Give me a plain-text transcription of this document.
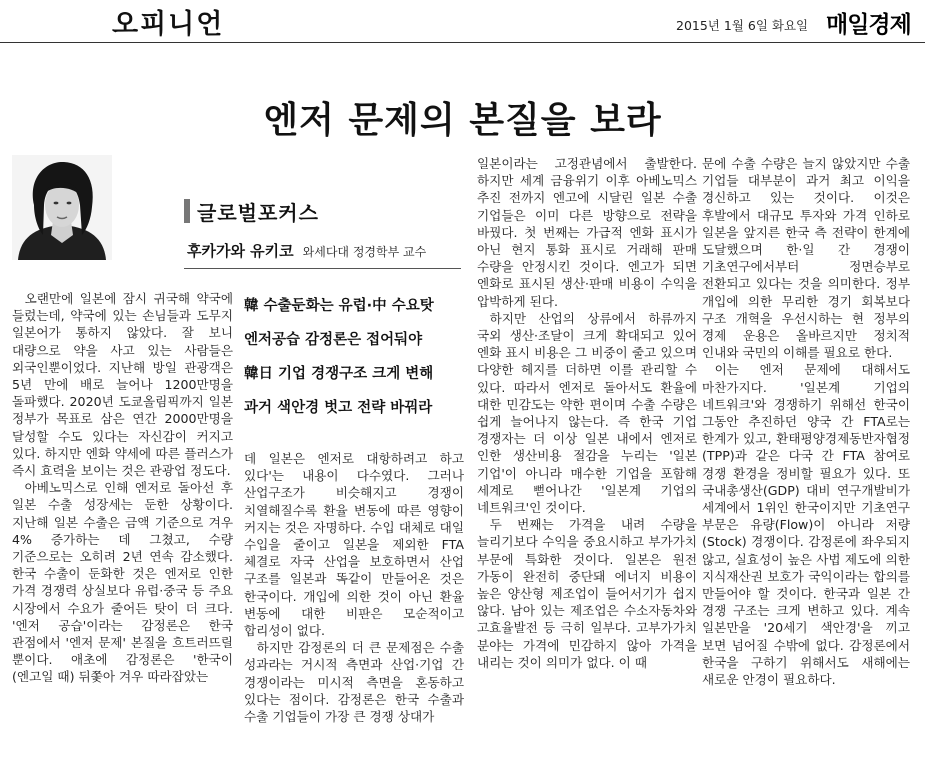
오피니언	2015년 1월 6일 화요일 매일경제
엔저 문제의 본질을 보라
글로벌포커스
후카가와 유키코 와세다대 정경학부 교수
韓 수출둔화는 유럽·中 수요탓
엔저공습 감정론은 접어둬야
韓日 기업 경쟁구조 크게 변해
과거 색안경 벗고 전략 바꿔라

오랜만에 일본에 잠시 귀국해 약국에 들렀는데, 약국에 있는 손님들과 도무지 일본어가 통하지 않았다. 잘 보니 대량으로 약을 사고 있는 사람들은 외국인뿐이었다. 지난해 방일 관광객은 5년 만에 배로 늘어나 1200만명을 돌파했다. 2020년 도쿄올림픽까지 일본 정부가 목표로 삼은 연간 2000만명을 달성할 수도 있다는 자신감이 커지고 있다. 하지만 엔화 약세에 따른 플러스가 즉시 효력을 보이는 것은 관광업 정도다.

아베노믹스로 인해 엔저로 돌아선 후 일본 수출 성장세는 둔한 상황이다. 지난해 일본 수출은 금액 기준으로 겨우 4% 증가하는 데 그쳤고, 수량 기준으로는 오히려 2년 연속 감소했다. 한국 수출이 둔화한 것은 엔저로 인한 가격 경쟁력 상실보다 유럽·중국 등 주요 시장에서 수요가 줄어든 탓이 더 크다. '엔저 공습'이라는 감정론은 한국 관점에서 '엔저 문제' 본질을 흐트러뜨릴 뿐이다. 애초에 감정론은 '한국이 (엔고일 때) 뒤쫓아 겨우 따라잡았는

데 일본은 엔저로 대항하려고 하고 있다'는 내용이 다수였다. 그러나 산업구조가 비슷해지고 경쟁이 치열해질수록 환율 변동에 따른 영향이 커지는 것은 자명하다. 수입 대체로 대일 수입을 줄이고 일본을 제외한 FTA 체결로 자국 산업을 보호하면서 산업 구조를 일본과 똑같이 만들어온 것은 한국이다. 개입에 의한 것이 아닌 환율 변동에 대한 비판은 모순적이고 합리성이 없다.

하지만 감정론의 더 큰 문제점은 수출 성과라는 거시적 측면과 산업·기업 간 경쟁이라는 미시적 측면을 혼동하고 있다는 점이다. 감정론은 한국 수출과 수출 기업들이 가장 큰 경쟁 상대가

일본이라는 고정관념에서 출발한다. 하지만 세계 금융위기 이후 아베노믹스 추진 전까지 엔고에 시달린 일본 수출 기업들은 이미 다른 방향으로 전략을 바꿨다. 첫 번째는 가급적 엔화 표시가 아닌 현지 통화 표시로 거래해 판매 수량을 안정시킨 것이다. 엔고가 되면 엔화로 표시된 생산·판매 비용이 수익을 압박하게 된다.

하지만 산업의 상류에서 하류까지 국외 생산·조달이 크게 확대되고 있어 엔화 표시 비용은 그 비중이 줄고 있으며 다양한 헤지를 더하면 이를 관리할 수 있다. 따라서 엔저로 돌아서도 환율에 대한 민감도는 약한 편이며 수출 수량은 쉽게 늘어나지 않는다. 즉 한국 기업 경쟁자는 더 이상 일본 내에서 엔저로 인한 생산비용 절감을 누리는 '일본 기업'이 아니라 매수한 기업을 포함해 세계로 뻗어나간 '일본계 기업의 네트워크'인 것이다.

두 번째는 가격을 내려 수량을 늘리기보다 수익을 중요시하고 부가가치 부문에 특화한 것이다. 일본은 원전 가동이 완전히 중단돼 에너지 비용이 높은 양산형 제조업이 들어서기가 쉽지 않다. 남아 있는 제조업은 수소자동차와 고효율발전 등 극히 일부다. 고부가가치 분야는 가격에 민감하지 않아 가격을 내리는 것이 의미가 없다. 이 때

문에 수출 수량은 늘지 않았지만 수출 기업들 대부분이 과거 최고 이익을 경신하고 있는 것이다. 이것은 후발에서 대규모 투자와 가격 인하로 일본을 앞지른 한국 측 전략이 한계에 도달했으며 한·일 간 경쟁이 기초연구에서부터 정면승부로 전환되고 있다는 것을 의미한다. 정부 개입에 의한 무리한 경기 회복보다 구조 개혁을 우선시하는 현 정부의 경제 운용은 올바르지만 정치적 인내와 국민의 이해를 필요로 한다.

이는 엔저 문제에 대해서도 마찬가지다. '일본계 기업의 네트워크'와 경쟁하기 위해선 한국이 그동안 추진하던 양국 간 FTA로는 한계가 있고, 환태평양경제동반자협정(TPP)과 같은 다국 간 FTA 참여로 경쟁 환경을 정비할 필요가 있다. 또 국내총생산(GDP) 대비 연구개발비가 세계에서 1위인 한국이지만 기초연구 부문은 유량(Flow)이 아니라 저량(Stock) 경쟁이다. 감정론에 좌우되지 않고, 실효성이 높은 사법 제도에 의한 지식재산권 보호가 국익이라는 합의를 만들어야 할 것이다. 한국과 일본 간 경쟁 구조는 크게 변하고 있다. 계속 일본만을 '20세기 색안경'을 끼고 보면 넘어질 수밖에 없다. 감정론에서 한국을 구하기 위해서도 새해에는 새로운 안경이 필요하다.
